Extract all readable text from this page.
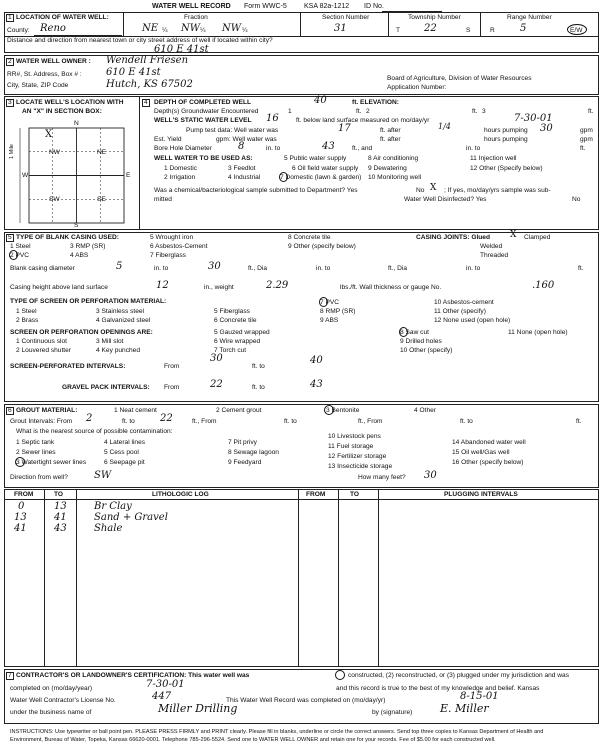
WATER WELL RECORD Form WWC-5 KSA 82a-1212 ID No.
1 LOCATION OF WATER WELL:
County: Reno
Fraction
NE ¼ NW ¼ NW ¼
Section Number
31
Township Number
T 22	S
Range Number
R	5	E/W
Distance and direction from nearest town or city street address of well if located within city?
610 E 41st
2 WATER WELL OWNER : Wendell Friesen
RR#, St. Address, Box # : 610 E 41st
City, State, ZIP Code	Hutch, KS 67502
Board of Agriculture, Division of Water Resources
Application Number:
3 LOCATE WELL'S LOCATION WITH
AN "X" IN SECTION BOX:
N
S
E
W
1 Mile	NW	NE
SW	SE
X
4 DEPTH OF COMPLETED WELL	40	ft. ELEVATION:
Depth(s) Groundwater Encountered	1	ft. 2	ft. 3	ft.
WELL'S STATIC WATER LEVEL 16	ft. below land surface measured on mo/day/yr	7-30-01
Pump test data: Well water was	17	ft. after	1/4	hours pumping 30	gpm
Est. Yield	gpm: Well water was	ft. after	hours pumping	gpm
Bore Hole Diameter	8	in. to	43	ft., and	in. to	ft.
WELL WATER TO BE USED AS:
1 Domestic	3 Feedlot
5 Public water supply	8 Air conditioning	11 Injection well
2 Irrigation	4 Industrial	7 Domestic (lawn & garden)
6 Oil field water supply 9 Dewatering	12 Other (Specify below)
10 Monitoring well
Was a chemical/bacteriological sample submitted to Department? Yes	No X ; If yes, mo/day/yrs sample was sub-
mitted	Water Well Disinfected? Yes	No
5 TYPE OF BLANK CASING USED:
1 Steel
2 PVC
3 RMP (SR)
4 ABS
5 Wrought iron
6 Asbestos-Cement
7 Fiberglass
8 Concrete tile
9 Other (specify below)
CASING JOINTS: Glued X Clamped
Welded
Threaded
Blank casing diameter	5	in. to	30	ft., Dia	in. to	ft., Dia	in. to	ft.
Casing height above land surface	12	in., weight	2.29	lbs./ft. Wall thickness or gauge No.	.160
TYPE OF SCREEN OR PERFORATION MATERIAL:
1 Steel	3 Stainless steel	5 Fiberglass
7 PVC	10 Asbestos-cement
2 Brass	4 Galvanized steel	6 Concrete tile
8 RMP (SR)	11 Other (specify)
9 ABS	12 None used (open hole)
SCREEN OR PERFORATION OPENINGS ARE:	5 Gauzed wrapped	8 Saw cut	11 None (open hole)
1 Continuous slot	3 Mill slot	6 Wire wrapped	9 Drilled holes
2 Louvered shutter	4 Key punched	7 Torch cut	10 Other (specify)
SCREEN-PERFORATED INTERVALS:	From
30
ft. to
40
GRAVEL PACK INTERVALS: From	22	ft. to	43
6 GROUT MATERIAL:	1 Neat cement	2 Cement grout	3 Bentonite	4 Other
Grout Intervals: From 2	ft. to	22	ft., From	ft. to	ft., From	ft. to	ft.
What is the nearest source of possible contamination:
1 Septic tank	4 Lateral lines	7 Pit privy
10 Livestock pens
14 Abandoned water well
2 Sewer lines	5 Cess pool	8 Sewage lagoon
11 Fuel storage
15 Oil well/Gas well
3 Watertight sewer lines	6 Seepage pit	9 Feedyard
12 Fertilizer storage
16 Other (specify below)
13 Insecticide storage
Direction from well?	SW	How many feet? 30
FROM	TO	LITHOLOGIC LOG	FROM	TO	PLUGGING INTERVALS
0	13	Br Clay
13	41	Sand + Gravel
41	43	Shale
7 CONTRACTOR'S OR LANDOWNER'S CERTIFICATION: This water well was	constructed, (2) reconstructed, or (3) plugged under my jurisdiction and was
completed on (mo/day/year)	7-30-01	and this record is true to the best of my knowledge and belief. Kansas
Water Well Contractor's License No.	447	This Water Well Record was completed on (mo/day/yr)	8-15-01
under the business name of	Miller Drilling	by (signature)	E. Miller
INSTRUCTIONS: Use typewriter or ball point pen. PLEASE PRESS FIRMLY and PRINT clearly. Please fill in blanks, underline or circle the correct answers. Send top three copies to Kansas Department of Health and
Environment, Bureau of Water, Topeka, Kansas 66620-0001. Telephone 785-296-5524. Send one to WATER WELL OWNER and retain one for your records. Fee of $5.00 for each constructed well.
